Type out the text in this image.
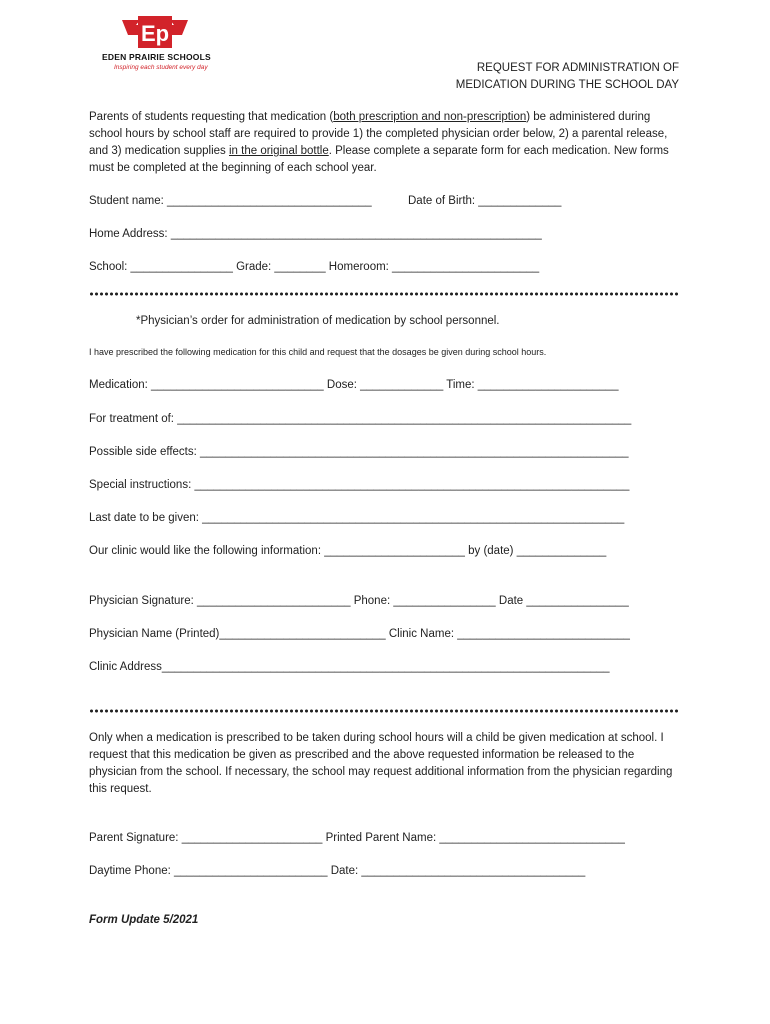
Ep
EDEN PRAIRIE SCHOOLS
Inspiring each student every day	REQUEST FOR ADMINISTRATION OF
MEDICATION DURING THE SCHOOL DAY
Parents of students requesting that medication (both prescription and non-prescription) be administered during school hours by school staff are required to provide 1) the completed physician order below, 2) a parental release, and 3) medication supplies in the original bottle. Please complete a separate form for each medication. New forms must be completed at the beginning of each school year.
Student name: ________________________________	Date of Birth: _____________
Home Address: __________________________________________________________
School: ________________ Grade: ________ Homeroom: _______________________
*Physician’s order for administration of medication by school personnel.
I have prescribed the following medication for this child and request that the dosages be given during school hours.
Medication: ___________________________ Dose: _____________ Time: ______________________
For treatment of: _______________________________________________________________________
Possible side effects: ___________________________________________________________________
Special instructions: ____________________________________________________________________
Last date to be given: __________________________________________________________________
Our clinic would like the following information: ______________________ by (date) ______________
Physician Signature: ________________________ Phone: ________________ Date ________________
Physician Name (Printed)__________________________ Clinic Name: ___________________________
Clinic Address______________________________________________________________________
Only when a medication is prescribed to be taken during school hours will a child be given medication at school. I request that this medication be given as prescribed and the above requested information be released to the physician from the school. If necessary, the school may request additional information from the physician regarding this request.
Parent Signature: ______________________ Printed Parent Name: _____________________________
Daytime Phone: ________________________ Date: ___________________________________
Form Update 5/2021
